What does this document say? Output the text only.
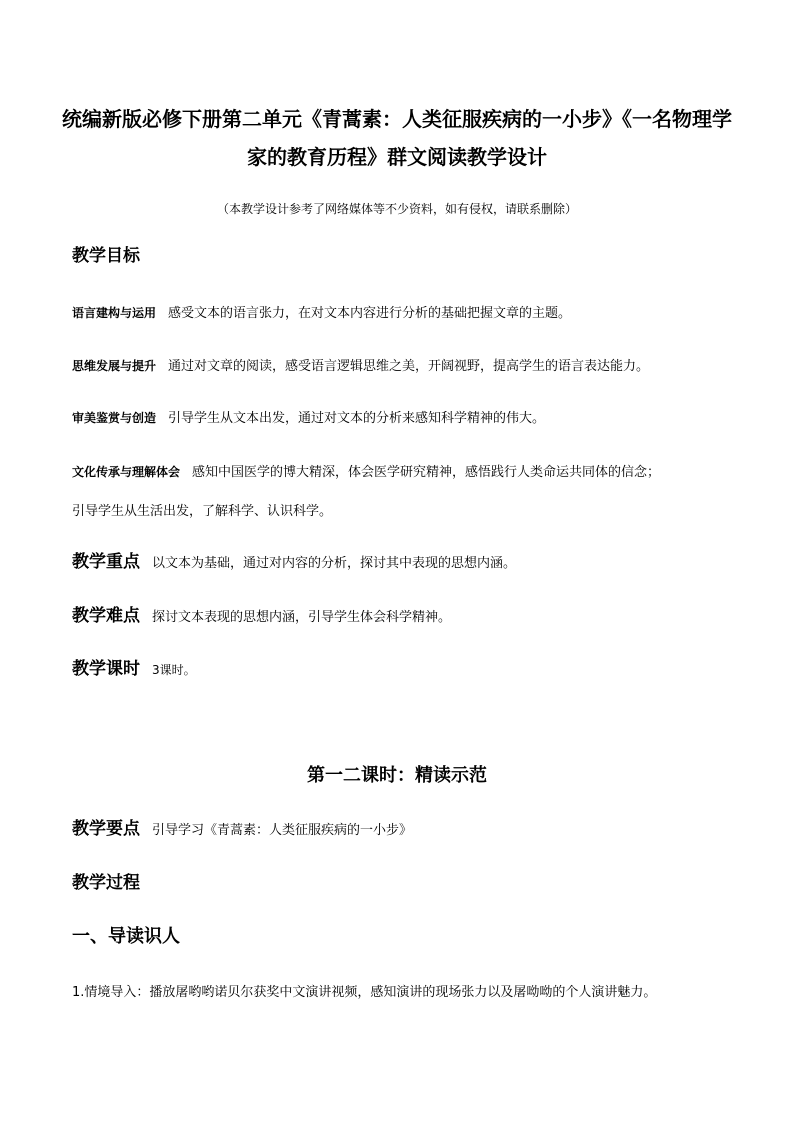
统编新版必修下册第二单元《青蒿素：人类征服疾病的一小步》《一名物理学家的教育历程》群文阅读教学设计

（本教学设计参考了网络媒体等不少资料，如有侵权，请联系删除）

教学目标

语言建构与运用 感受文本的语言张力，在对文本内容进行分析的基础把握文章的主题。

思维发展与提升 通过对文章的阅读，感受语言逻辑思维之美，开阔视野，提高学生的语言表达能力。

审美鉴赏与创造 引导学生从文本出发，通过对文本的分析来感知科学精神的伟大。

文化传承与理解体会 感知中国医学的博大精深，体会医学研究精神，感悟践行人类命运共同体的信念；

引导学生从生活出发，了解科学、认识科学。

教学重点 以文本为基础，通过对内容的分析，探讨其中表现的思想内涵。

教学难点 探讨文本表现的思想内涵，引导学生体会科学精神。

教学课时 3课时。

第一二课时：精读示范

教学要点 引导学习《青蒿素：人类征服疾病的一小步》

教学过程
一、导读识人

1.情境导入：播放屠哟哟诺贝尔获奖中文演讲视频，感知演讲的现场张力以及屠呦呦的个人演讲魅力。
